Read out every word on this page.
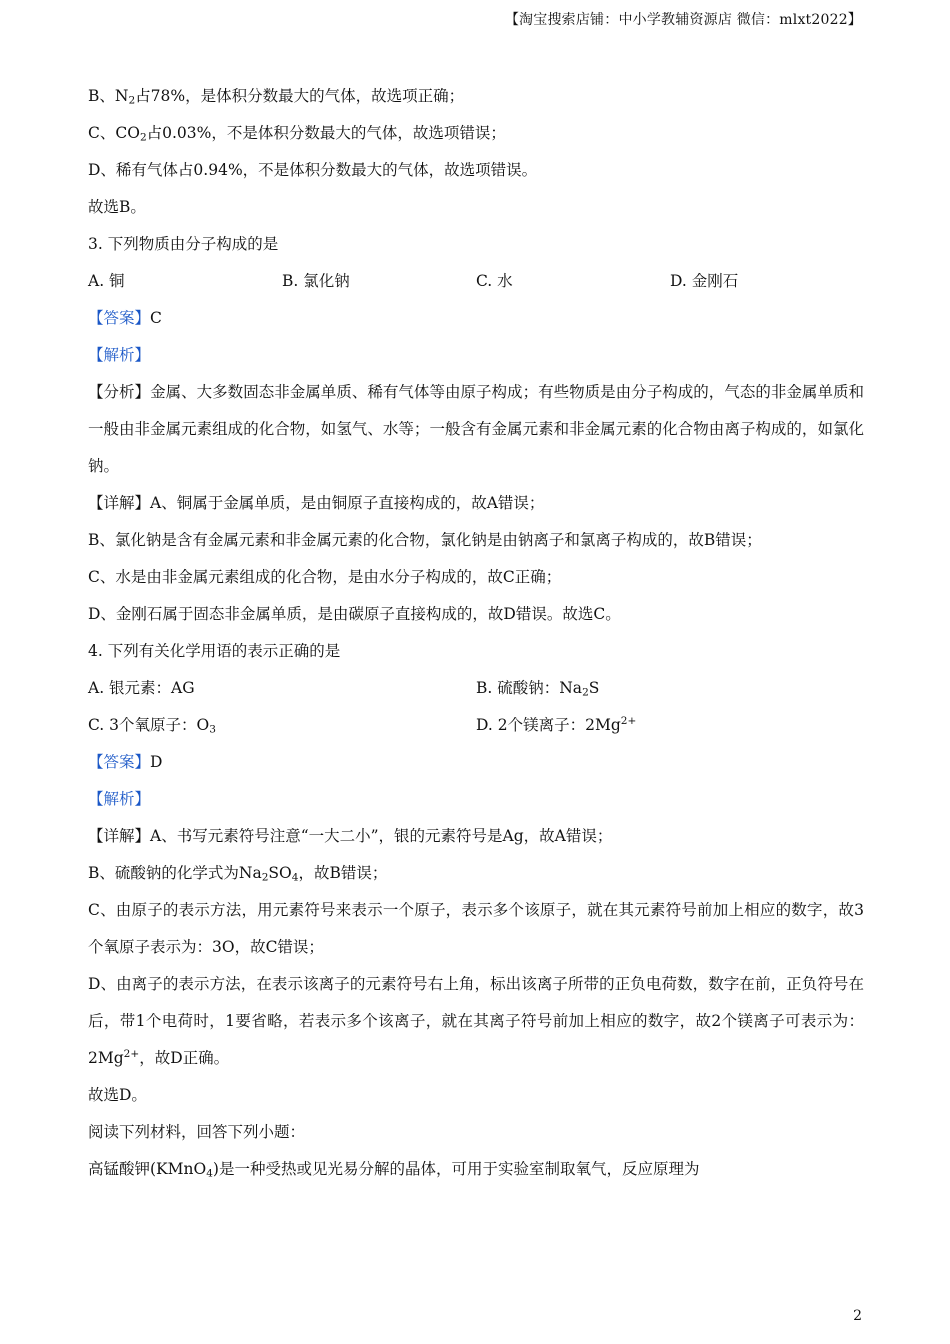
【淘宝搜索店铺：中小学教辅资源店 微信：mlxt2022】
B、$N_2$占78%，是体积分数最大的气体，故选项正确；
C、$CO_2$占0.03%，不是体积分数最大的气体，故选项错误；
D、稀有气体占0.94%，不是体积分数最大的气体，故选项错误。
故选B。
3. 下列物质由分子构成的是
A. 铜	B. 氯化钠	C. 水	D. 金刚石
【答案】C
【解析】
【分析】金属、大多数固态非金属单质、稀有气体等由原子构成；有些物质是由分子构成的，气态的非金属单质和一般由非金属元素组成的化合物，如氢气、水等；一般含有金属元素和非金属元素的化合物由离子构成的，如氯化钠。
【详解】A、铜属于金属单质，是由铜原子直接构成的，故A错误；
B、氯化钠是含有金属元素和非金属元素的化合物，氯化钠是由钠离子和氯离子构成的，故B错误；
C、水是由非金属元素组成的化合物，是由水分子构成的，故C正确；
D、金刚石属于固态非金属单质，是由碳原子直接构成的，故D错误。故选C。
4. 下列有关化学用语的表示正确的是
A. 银元素：AG	B. 硫酸钠：$Na_2S$
C. 3个氧原子：$O_3$	D. 2个镁离子：$2Mg^{2+}$
【答案】D
【解析】
【详解】A、书写元素符号注意“一大二小”，银的元素符号是Ag，故A错误；
B、硫酸钠的化学式为$Na_2SO_4$，故B错误；
C、由原子的表示方法，用元素符号来表示一个原子，表示多个该原子，就在其元素符号前加上相应的数字，故3个氧原子表示为：3O，故C错误；
D、由离子的表示方法，在表示该离子的元素符号右上角，标出该离子所带的正负电荷数，数字在前，正负符号在后，带1个电荷时，1要省略，若表示多个该离子，就在其离子符号前加上相应的数字，故2个镁离子可表示为：$2Mg^{2+}$，故D正确。
故选D。
阅读下列材料，回答下列小题：
高锰酸钾(KMnO$_4$)是一种受热或见光易分解的晶体，可用于实验室制取氧气，反应原理为
2
